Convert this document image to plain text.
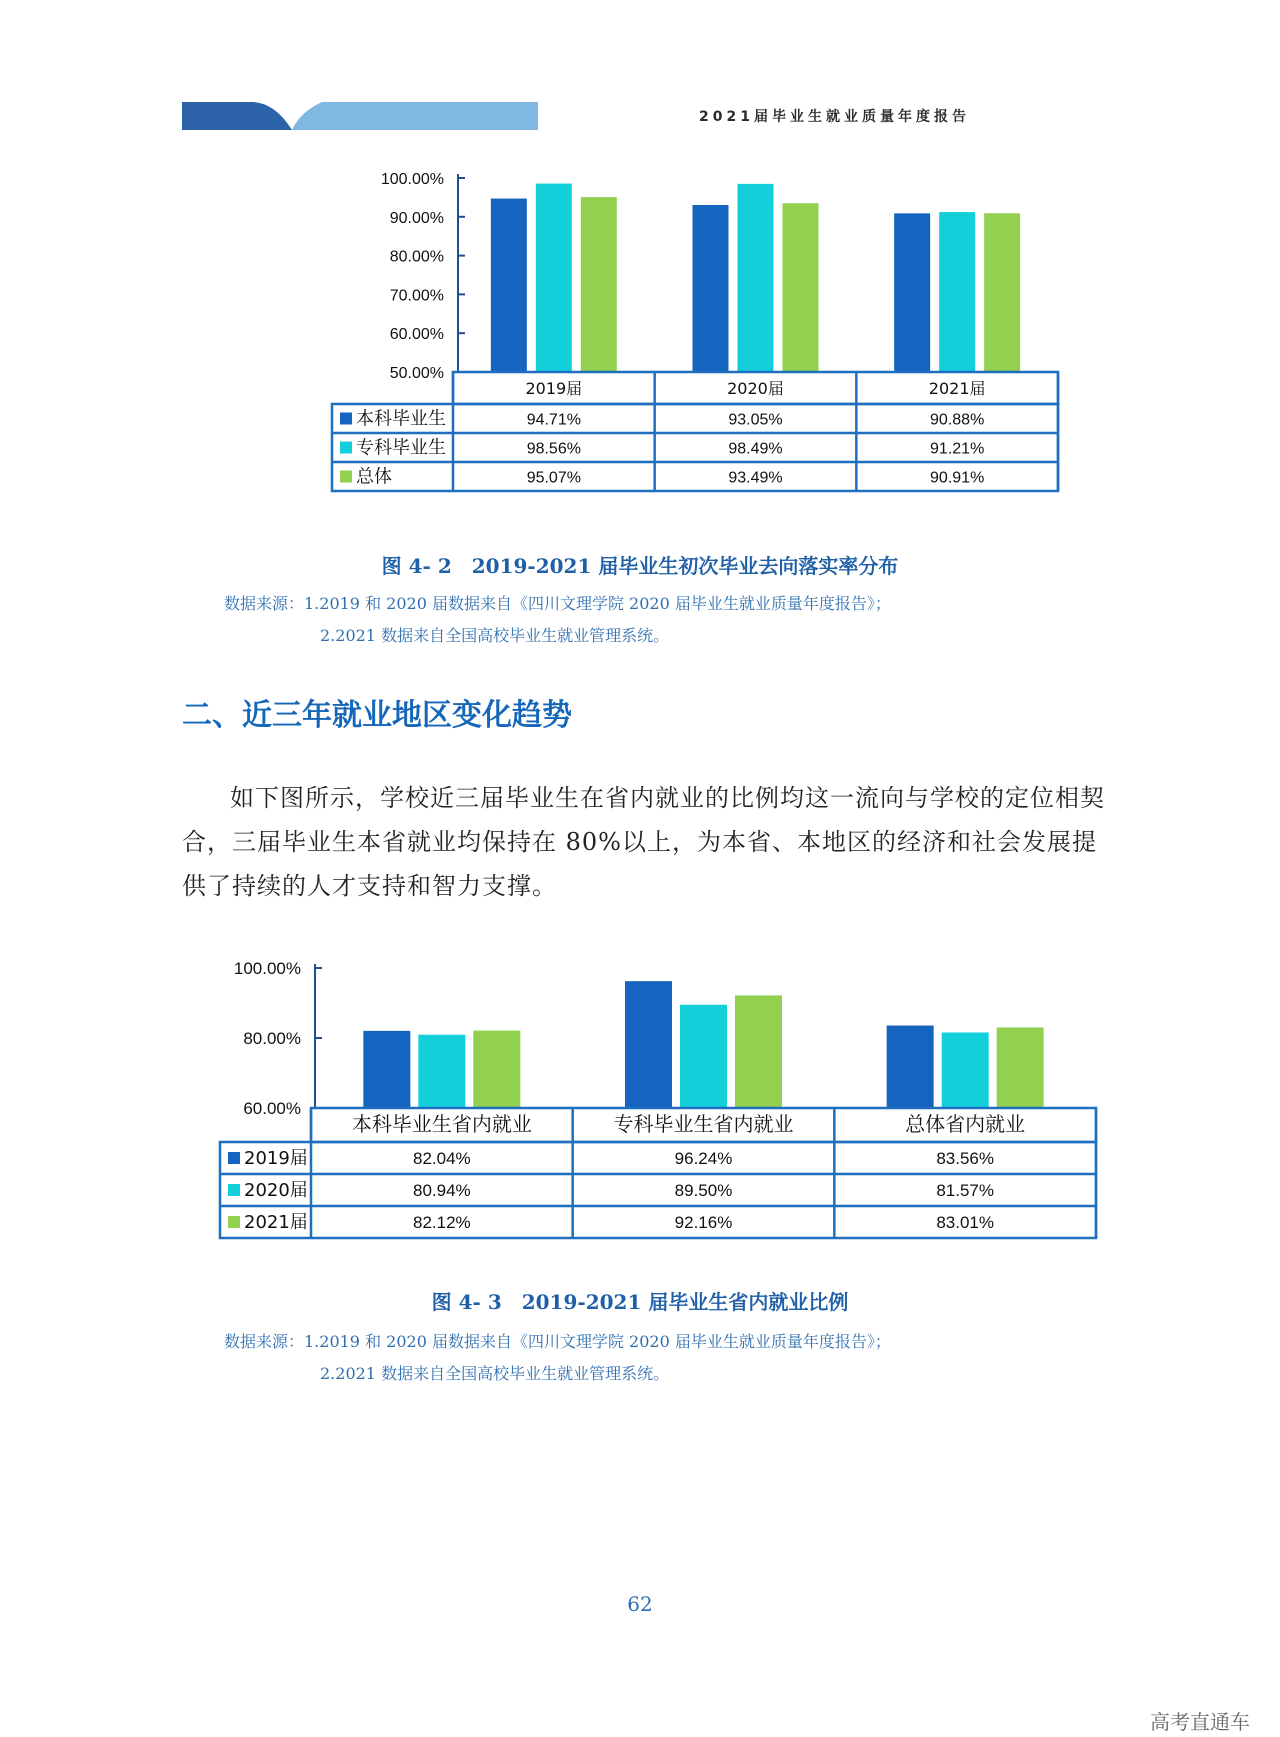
2021届毕业生就业质量年度报告
100.00%
90.00%
80.00%
70.00%
60.00%
50.00%
2019届	2020届	2021届
本科毕业生	94.71%	93.05%	90.88%
专科毕业生	98.56%	98.49%	91.21%
总体	95.07%	93.49%	90.91%
图 4- 2　2019-2021 届毕业生初次毕业去向落实率分布
数据来源：1.2019 和 2020 届数据来自《四川文理学院 2020 届毕业生就业质量年度报告》；
2.2021 数据来自全国高校毕业生就业管理系统。
二、近三年就业地区变化趋势
如下图所示，学校近三届毕业生在省内就业的比例均这一流向与学校的定位相契合，三届毕业生本省就业均保持在 80%以上，为本省、本地区的经济和社会发展提供了持续的人才支持和智力支撑。
100.00%
80.00%
60.00%
本科毕业生省内就业	专科毕业生省内就业	总体省内就业
2019届	82.04%	96.24%	83.56%
2020届	80.94%	89.50%	81.57%
2021届	82.12%	92.16%	83.01%
图 4- 3　2019-2021 届毕业生省内就业比例
数据来源：1.2019 和 2020 届数据来自《四川文理学院 2020 届毕业生就业质量年度报告》；
2.2021 数据来自全国高校毕业生就业管理系统。
62
高考直通车
